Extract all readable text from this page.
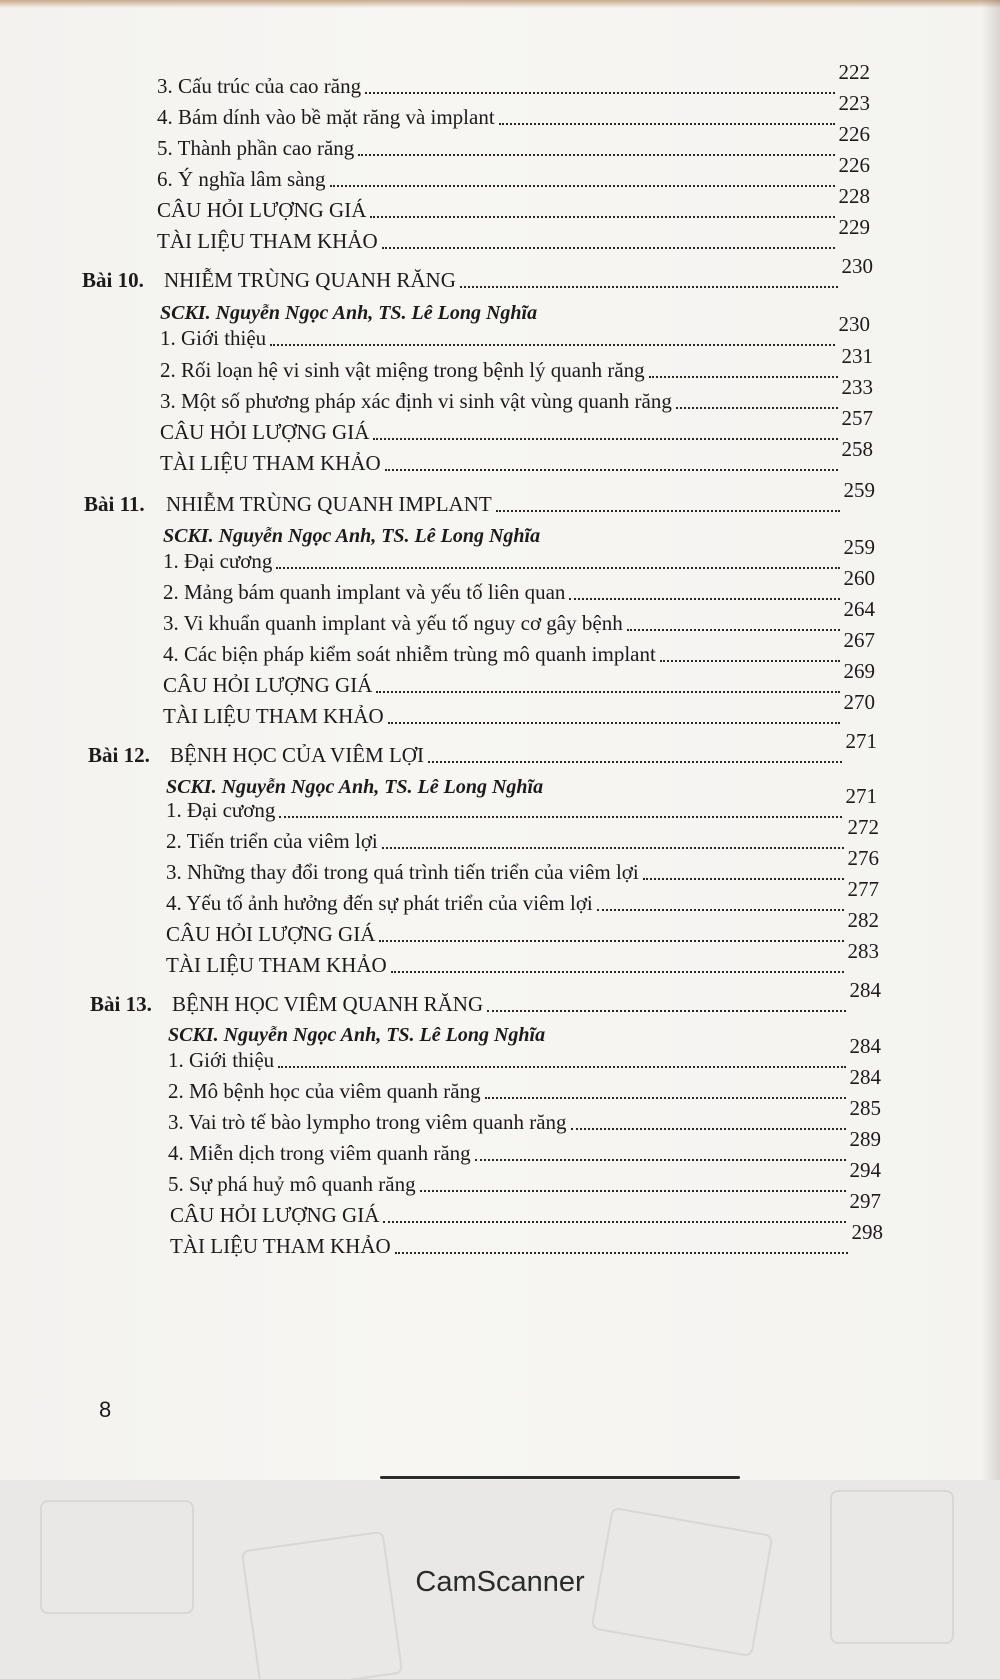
3. Cấu trúc của cao răng
222
4. Bám dính vào bề mặt răng và implant
223
5. Thành phần cao răng
226
6. Ý nghĩa lâm sàng
226
CÂU HỎI LƯỢNG GIÁ
228
TÀI LIỆU THAM KHẢO
229
Bài 10. NHIỄM TRÙNG QUANH RĂNG
230
SCKI. Nguyễn Ngọc Anh, TS. Lê Long Nghĩa
1. Giới thiệu
230
2. Rối loạn hệ vi sinh vật miệng trong bệnh lý quanh răng
231
3. Một số phương pháp xác định vi sinh vật vùng quanh răng
233
CÂU HỎI LƯỢNG GIÁ
257
TÀI LIỆU THAM KHẢO
258
Bài 11.	NHIỄM TRÙNG QUANH IMPLANT
259
SCKI. Nguyễn Ngọc Anh, TS. Lê Long Nghĩa
1. Đại cương
259
2. Mảng bám quanh implant và yếu tố liên quan
260
3. Vi khuẩn quanh implant và yếu tố nguy cơ gây bệnh
264
4. Các biện pháp kiểm soát nhiễm trùng mô quanh implant
267
CÂU HỎI LƯỢNG GIÁ
269
TÀI LIỆU THAM KHẢO
270
Bài 12. BỆNH HỌC CỦA VIÊM LỢI
271
SCKI. Nguyễn Ngọc Anh, TS. Lê Long Nghĩa
1. Đại cương
271
2. Tiến triển của viêm lợi
272
3. Những thay đổi trong quá trình tiến triển của viêm lợi
276
4. Yếu tố ảnh hưởng đến sự phát triển của viêm lợi
277
CÂU HỎI LƯỢNG GIÁ
282
TÀI LIỆU THAM KHẢO
283
Bài 13. BỆNH HỌC VIÊM QUANH RĂNG
284
SCKI. Nguyễn Ngọc Anh, TS. Lê Long Nghĩa
1. Giới thiệu
284
2. Mô bệnh học của viêm quanh răng
284
3. Vai trò tế bào lympho trong viêm quanh răng
285
4. Miễn dịch trong viêm quanh răng
289
5. Sự phá huỷ mô quanh răng
294
CÂU HỎI LƯỢNG GIÁ
297
TÀI LIỆU THAM KHẢO
298
8
CamScanner
